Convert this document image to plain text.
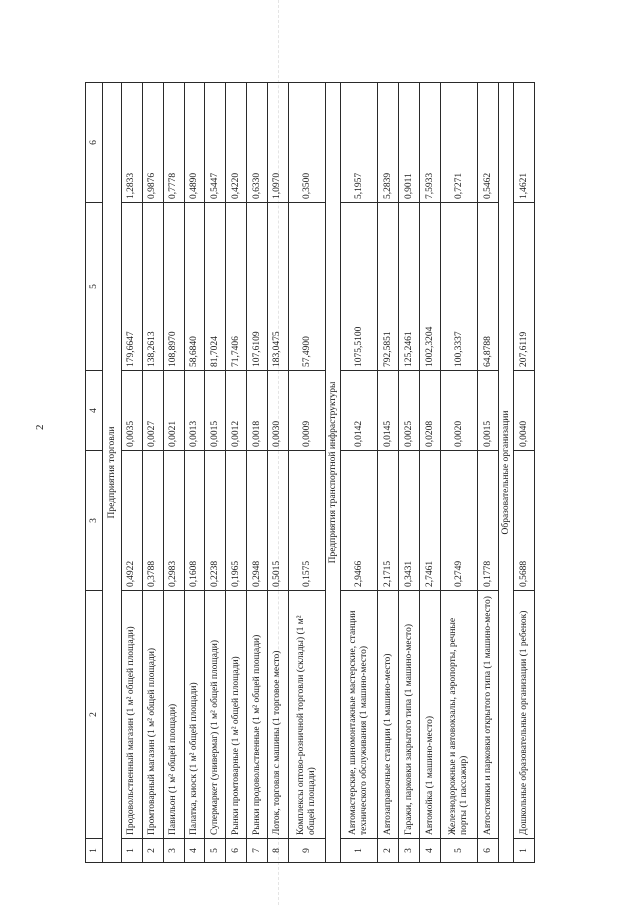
2
1	2	3	4	5	6
Предприятия торговли					
1	Продовольственный магазин (1 м² общей площади)	0,4922	0,0035	179,6647	1,2833
2	Промтоварный магазин (1 м² общей площади)	0,3788	0,0027	138,2613	0,9876
3	Павильон (1 м² общей площади)	0,2983	0,0021	108,8970	0,7778
4	Палатка, киоск (1 м² общей площади)	0,1608	0,0013	58,6840	0,4890
5	Супермаркет (универмаг) (1 м² общей площади)	0,2238	0,0015	81,7024	0,5447
6	Рынки промтоварные (1 м² общей площади)	0,1965	0,0012	71,7406	0,4220
7	Рынки продовольственные (1 м² общей площади)	0,2948	0,0018	107,6109	0,6330
8	Лоток, торговля с машины (1 торговое место)	0,5015	0,0030	183,0475	1,0970
9	Комплексы оптово-розничной торговли (склады) (1 м² общей площади)	0,1575	0,0009	57,4900	0,3500
Предприятия транспортной инфраструктуры					
1	Автомастерские, шиномонтажные мастерские, станции технического обслуживания (1 машино-место)	2,9466	0,0142	1075,5100	5,1957
2	Автозаправочные станции (1 машино-место)	2,1715	0,0145	792,5851	5,2839
3	Гаражи, парковки закрытого типа (1 машино-место)	0,3431	0,0025	125,2461	0,9011
4	Автомойка (1 машино-место)	2,7461	0,0208	1002,3204	7,5933
5	Железнодорожные и автовокзалы, аэропорты, речные порты (1 пассажир)	0,2749	0,0020	100,3337	0,7271
6	Автостоянки и парковки открытого типа (1 машино-место)	0,1778	0,0015	64,8788	0,5462
Образовательные организации					
1	Дошкольные образовательные организации (1 ребенок)	0,5688	0,0040	207,6119	1,4621
